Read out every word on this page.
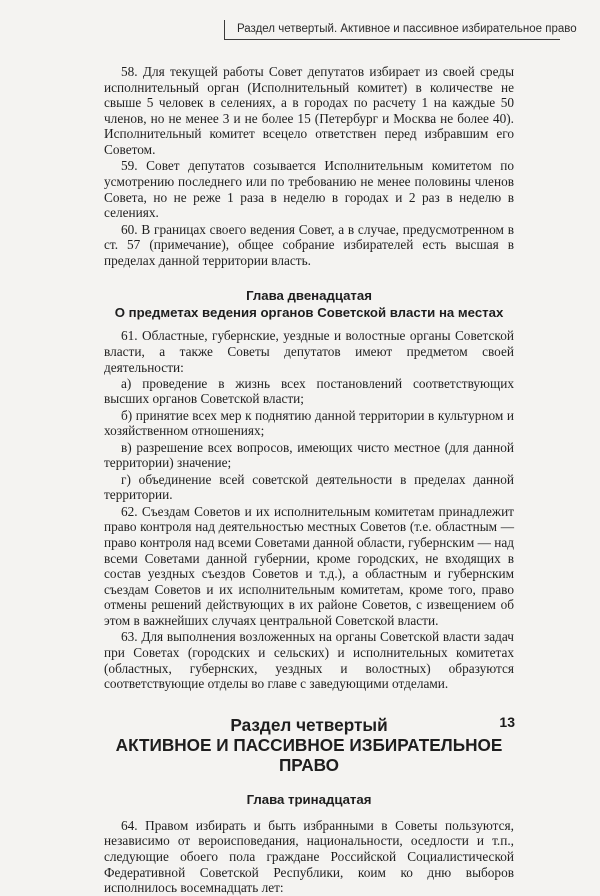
Раздел четвертый. Активное и пассивное избирательное право

58. Для текущей работы Совет депутатов избирает из своей среды исполнительный орган (Исполнительный комитет) в количестве не свыше 5 человек в селениях, а в городах по расчету 1 на каждые 50 членов, но не менее 3 и не более 15 (Петербург и Москва не более 40). Исполнительный комитет всецело ответствен перед избравшим его Советом.

59. Совет депутатов созывается Исполнительным комитетом по усмотрению последнего или по требованию не менее половины членов Совета, но не реже 1 раза в неделю в городах и 2 раз в неделю в селениях.

60. В границах своего ведения Совет, а в случае, предусмотренном в ст. 57 (примечание), общее собрание избирателей есть высшая в пределах данной территории власть.

Глава двенадцатая
О предметах ведения органов Советской власти на местах

61. Областные, губернские, уездные и волостные органы Советской власти, а также Советы депутатов имеют предметом своей деятельности:

а) проведение в жизнь всех постановлений соответствующих высших органов Советской власти;

б) принятие всех мер к поднятию данной территории в культурном и хозяйственном отношениях;

в) разрешение всех вопросов, имеющих чисто местное (для данной территории) значение;

г) объединение всей советской деятельности в пределах данной территории.

62. Съездам Советов и их исполнительным комитетам принадлежит право контроля над деятельностью местных Советов (т.е. областным — право контроля над всеми Советами данной области, губернским — над всеми Советами данной губернии, кроме городских, не входящих в состав уездных съездов Советов и т.д.), а областным и губернским съездам Советов и их исполнительным комитетам, кроме того, право отмены решений действующих в их районе Советов, с извещением об этом в важнейших случаях центральной Советской власти.

63. Для выполнения возложенных на органы Советской власти задач при Советах (городских и сельских) и исполнительных комитетах (областных, губернских, уездных и волостных) образуются соответствующие отделы во главе с заведующими отделами.

Раздел четвертый
АКТИВНОЕ И ПАССИВНОЕ ИЗБИРАТЕЛЬНОЕ ПРАВО
Глава тринадцатая

64. Правом избирать и быть избранными в Советы пользуются, независимо от вероисповедания, национальности, оседлости и т.п., следующие обоего пола граждане Российской Социалистической Федеративной Советской Республики, коим ко дню выборов исполнилось восемнадцать лет:

13
